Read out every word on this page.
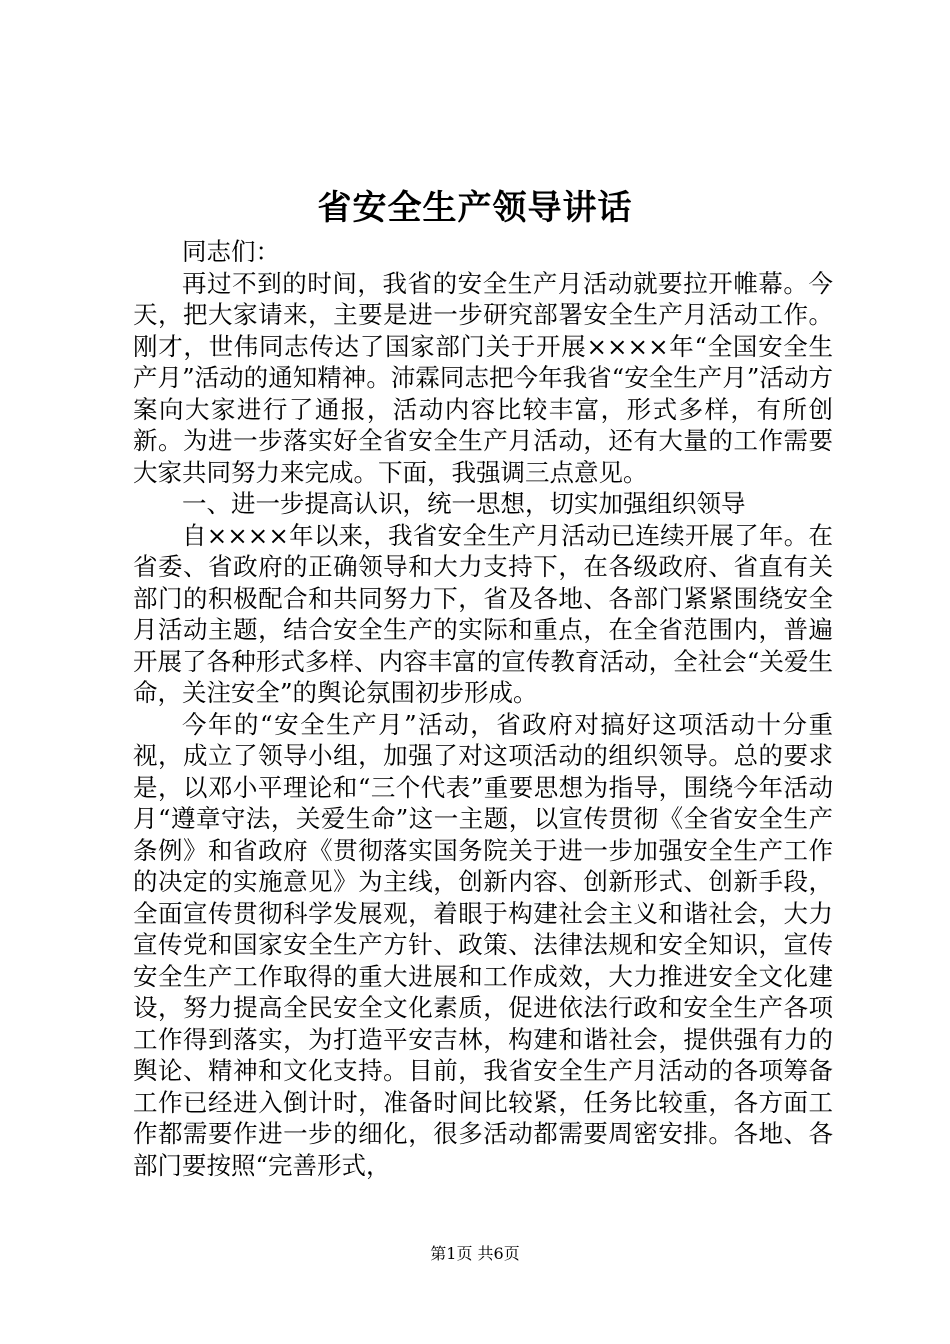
省安全生产领导讲话

同志们：

再过不到的时间，我省的安全生产月活动就要拉开帷幕。今天，把大家请来，主要是进一步研究部署安全生产月活动工作。刚才，世伟同志传达了国家部门关于开展××××年“全国安全生产月”活动的通知精神。沛霖同志把今年我省“安全生产月”活动方案向大家进行了通报，活动内容比较丰富，形式多样，有所创新。为进一步落实好全省安全生产月活动，还有大量的工作需要大家共同努力来完成。下面，我强调三点意见。

一、进一步提高认识，统一思想，切实加强组织领导

自××××年以来，我省安全生产月活动已连续开展了年。在省委、省政府的正确领导和大力支持下，在各级政府、省直有关部门的积极配合和共同努力下，省及各地、各部门紧紧围绕安全月活动主题，结合安全生产的实际和重点，在全省范围内，普遍开展了各种形式多样、内容丰富的宣传教育活动，全社会“关爱生命，关注安全”的舆论氛围初步形成。

今年的“安全生产月”活动，省政府对搞好这项活动十分重视，成立了领导小组，加强了对这项活动的组织领导。总的要求是，以邓小平理论和“三个代表”重要思想为指导，围绕今年活动月“遵章守法，关爱生命”这一主题，以宣传贯彻《全省安全生产条例》和省政府《贯彻落实国务院关于进一步加强安全生产工作的决定的实施意见》为主线，创新内容、创新形式、创新手段，全面宣传贯彻科学发展观，着眼于构建社会主义和谐社会，大力宣传党和国家安全生产方针、政策、法律法规和安全知识，宣传安全生产工作取得的重大进展和工作成效，大力推进安全文化建设，努力提高全民安全文化素质，促进依法行政和安全生产各项工作得到落实，为打造平安吉林，构建和谐社会，提供强有力的舆论、精神和文化支持。目前，我省安全生产月活动的各项筹备工作已经进入倒计时，准备时间比较紧，任务比较重，各方面工作都需要作进一步的细化，很多活动都需要周密安排。各地、各部门要按照“完善形式，

第1页 共6页
